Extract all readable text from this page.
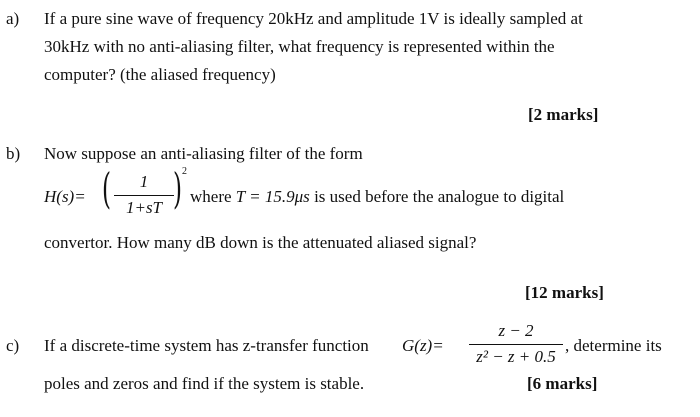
a) If a pure sine wave of frequency 20kHz and amplitude 1V is ideally sampled at
30kHz with no anti-aliasing filter, what frequency is represented within the
computer? (the aliased frequency)
[2 marks]
b) Now suppose an anti-aliasing filter of the form
H(s)= (	1
1+sT ) 2
where T = 15.9μs is used before the analogue to digital
convertor. How many dB down is the attenuated aliased signal?
[12 marks]
c) If a discrete-time system has z-transfer function G(z)=
z − 2
z² − z + 0.5
, determine its
poles and zeros and find if the system is stable.	[6 marks]
